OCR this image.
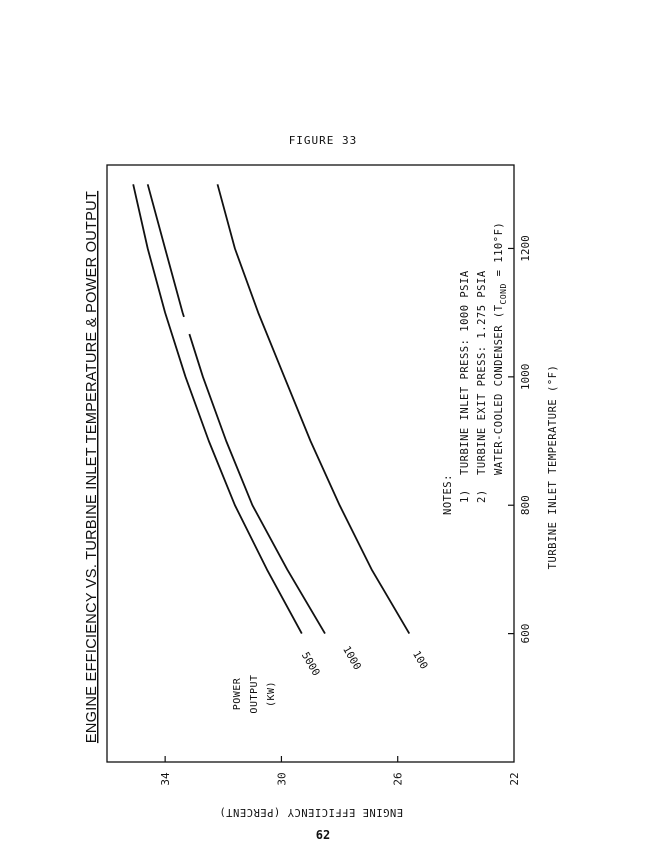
FIGURE 33
600
800
1000
1200
22
26
30
34
5000 1000	100
ENGINE EFFICIENCY VS. TURBINE INLET TEMPERATURE & POWER OUTPUT	TURBINE INLET TEMPERATURE (°F)
ENGINE EFFICIENCY (PERCENT)
POWER OUTPUT (KW)
NOTES: 1)
TURBINE INLET PRESS: 1000 PSIA
2)
TURBINE EXIT PRESS: 1.275 PSIA WATER-COOLED CONDENSER $(T_{COND} = 110^\circ F)$
62
